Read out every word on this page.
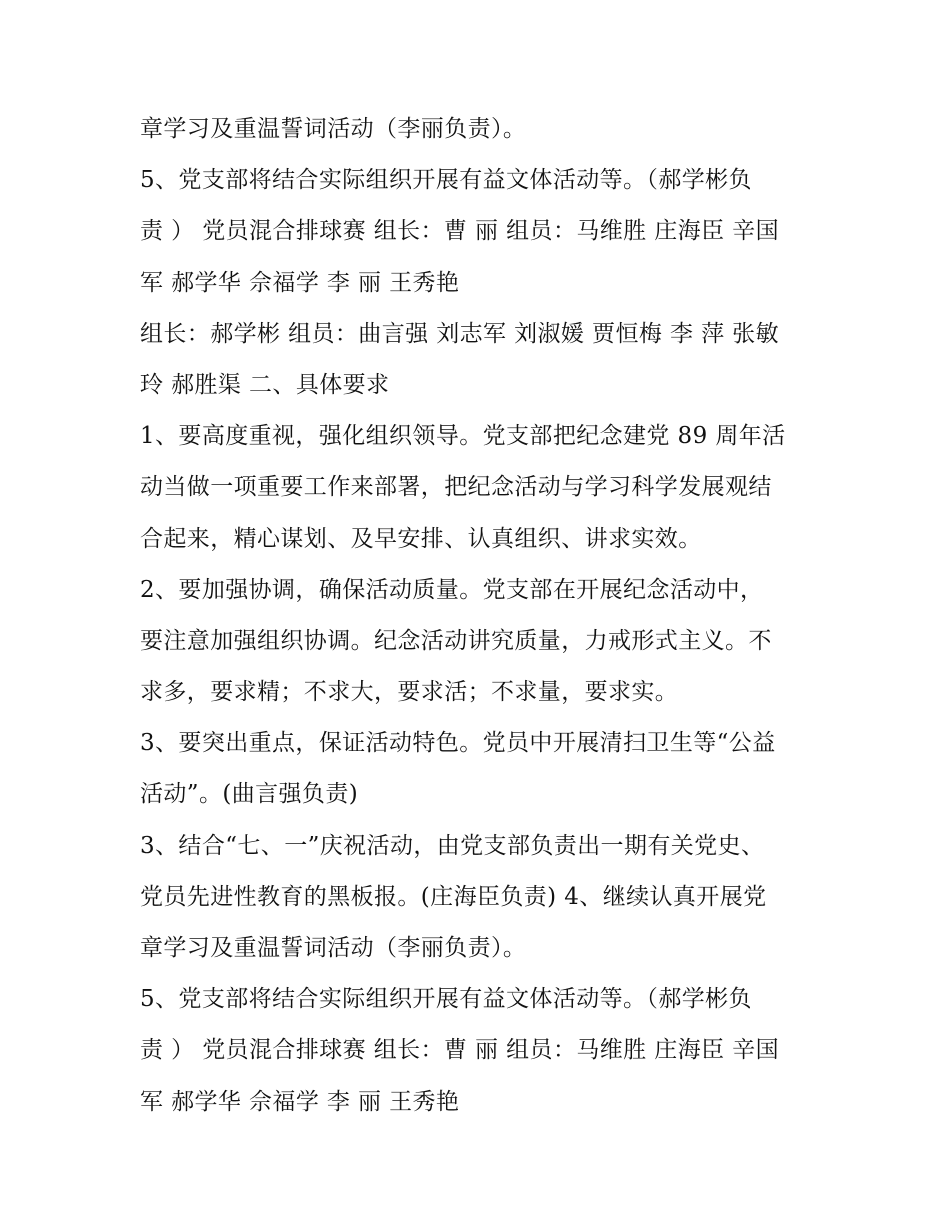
章学习及重温誓词活动（李丽负责）。
5、党支部将结合实际组织开展有益文体活动等。（郝学彬负
责 ） 党员混合排球赛 组长：曹 丽 组员：马维胜 庄海臣 辛国
军 郝学华 佘福学 李 丽 王秀艳
组长：郝学彬 组员：曲言强 刘志军 刘淑媛 贾恒梅 李 萍 张敏
玲 郝胜渠 二、具体要求
1、要高度重视，强化组织领导。党支部把纪念建党 89 周年活
动当做一项重要工作来部署，把纪念活动与学习科学发展观结
合起来，精心谋划、及早安排、认真组织、讲求实效。
2、要加强协调，确保活动质量。党支部在开展纪念活动中，
要注意加强组织协调。纪念活动讲究质量，力戒形式主义。不
求多，要求精；不求大，要求活；不求量，要求实。
3、要突出重点，保证活动特色。党员中开展清扫卫生等“公益
活动”。(曲言强负责)
3、结合“七、一”庆祝活动，由党支部负责出一期有关党史、
党员先进性教育的黑板报。(庄海臣负责) 4、继续认真开展党
章学习及重温誓词活动（李丽负责）。
5、党支部将结合实际组织开展有益文体活动等。（郝学彬负
责 ） 党员混合排球赛 组长：曹 丽 组员：马维胜 庄海臣 辛国
军 郝学华 佘福学 李 丽 王秀艳
